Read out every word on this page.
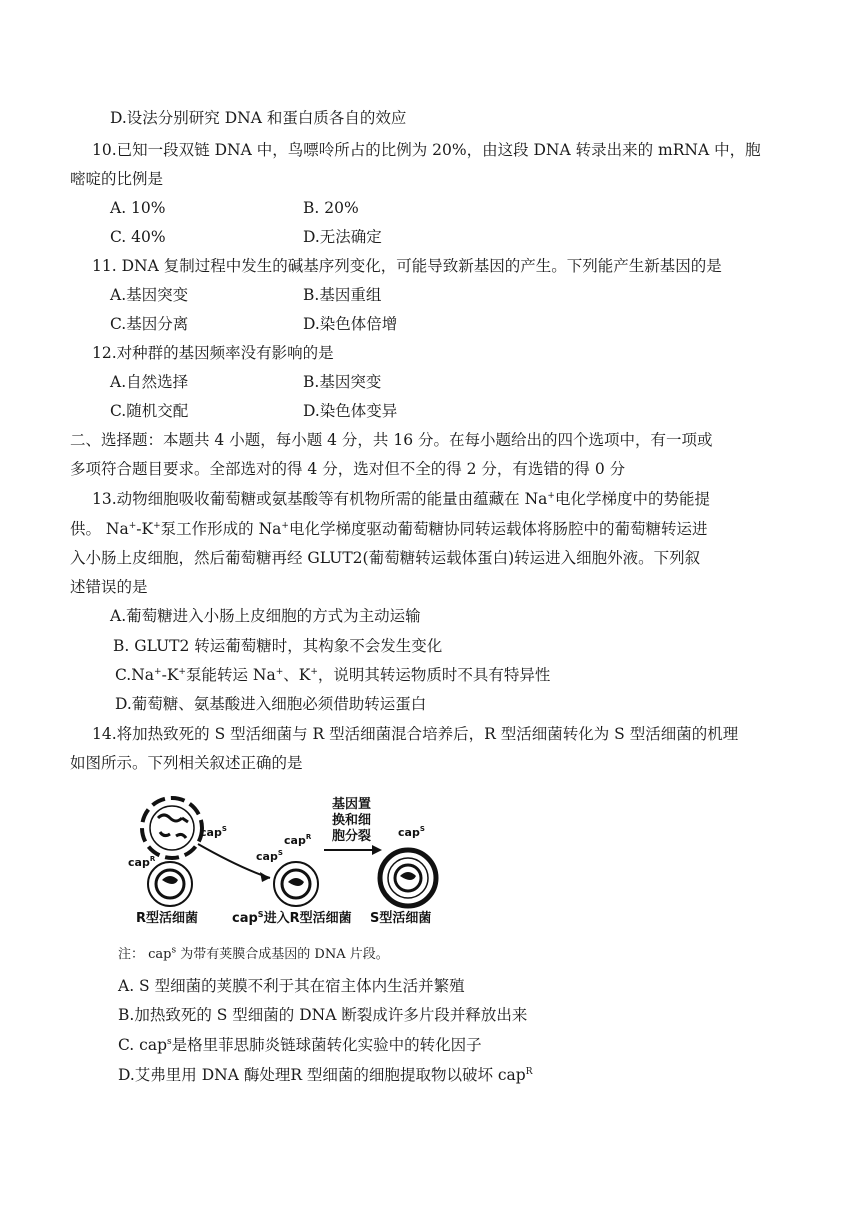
D.设法分别研究 DNA 和蛋白质各自的效应
10.已知一段双链 DNA 中，鸟嘌呤所占的比例为 20%，由这段 DNA 转录出来的 mRNA 中，胞
嘧啶的比例是
A. 10%	B. 20%
C. 40%	D.无法确定
11. DNA 复制过程中发生的碱基序列变化，可能导致新基因的产生。下列能产生新基因的是
A.基因突变	B.基因重组
C.基因分离	D.染色体倍增
12.对种群的基因频率没有影响的是
A.自然选择	B.基因突变
C.随机交配	D.染色体变异
二、选择题：本题共 4 小题，每小题 4 分，共 16 分。在每小题给出的四个选项中，有一项或
多项符合题目要求。全部选对的得 4 分，选对但不全的得 2 分，有选错的得 0 分
13.动物细胞吸收葡萄糖或氨基酸等有机物所需的能量由蕴藏在 Na+电化学梯度中的势能提
供。 Na+-K+泵工作形成的 Na+电化学梯度驱动葡萄糖协同转运载体将肠腔中的葡萄糖转运进
入小肠上皮细胞，然后葡萄糖再经 GLUT2(葡萄糖转运载体蛋白)转运进入细胞外液。下列叙
述错误的是
A.葡萄糖进入小肠上皮细胞的方式为主动运输
B. GLUT2 转运葡萄糖时，其构象不会发生变化
C.Na+-K+泵能转运 Na+、K+，说明其转运物质时不具有特异性
D.葡萄糖、氨基酸进入细胞必须借助转运蛋白
14.将加热致死的 S 型活细菌与 R 型活细菌混合培养后，R 型活细菌转化为 S 型活细菌的机理
如图所示。下列相关叙述正确的是
cap$^S$
cap$^R$
cap$^R$
cap$^S$
基因置
换和细
胞分裂 cap$^S$
R型活细菌	cap$^S$进入R型活细菌 S型活细菌
注： cap$^s$ 为带有荚膜合成基因的 DNA 片段。
A. S 型细菌的荚膜不利于其在宿主体内生活并繁殖
B.加热致死的 S 型细菌的 DNA 断裂成许多片段并释放出来
C. cap$^s$是格里菲思肺炎链球菌转化实验中的转化因子
D.艾弗里用 DNA 酶处理R 型细菌的细胞提取物以破坏 cap$^R$
